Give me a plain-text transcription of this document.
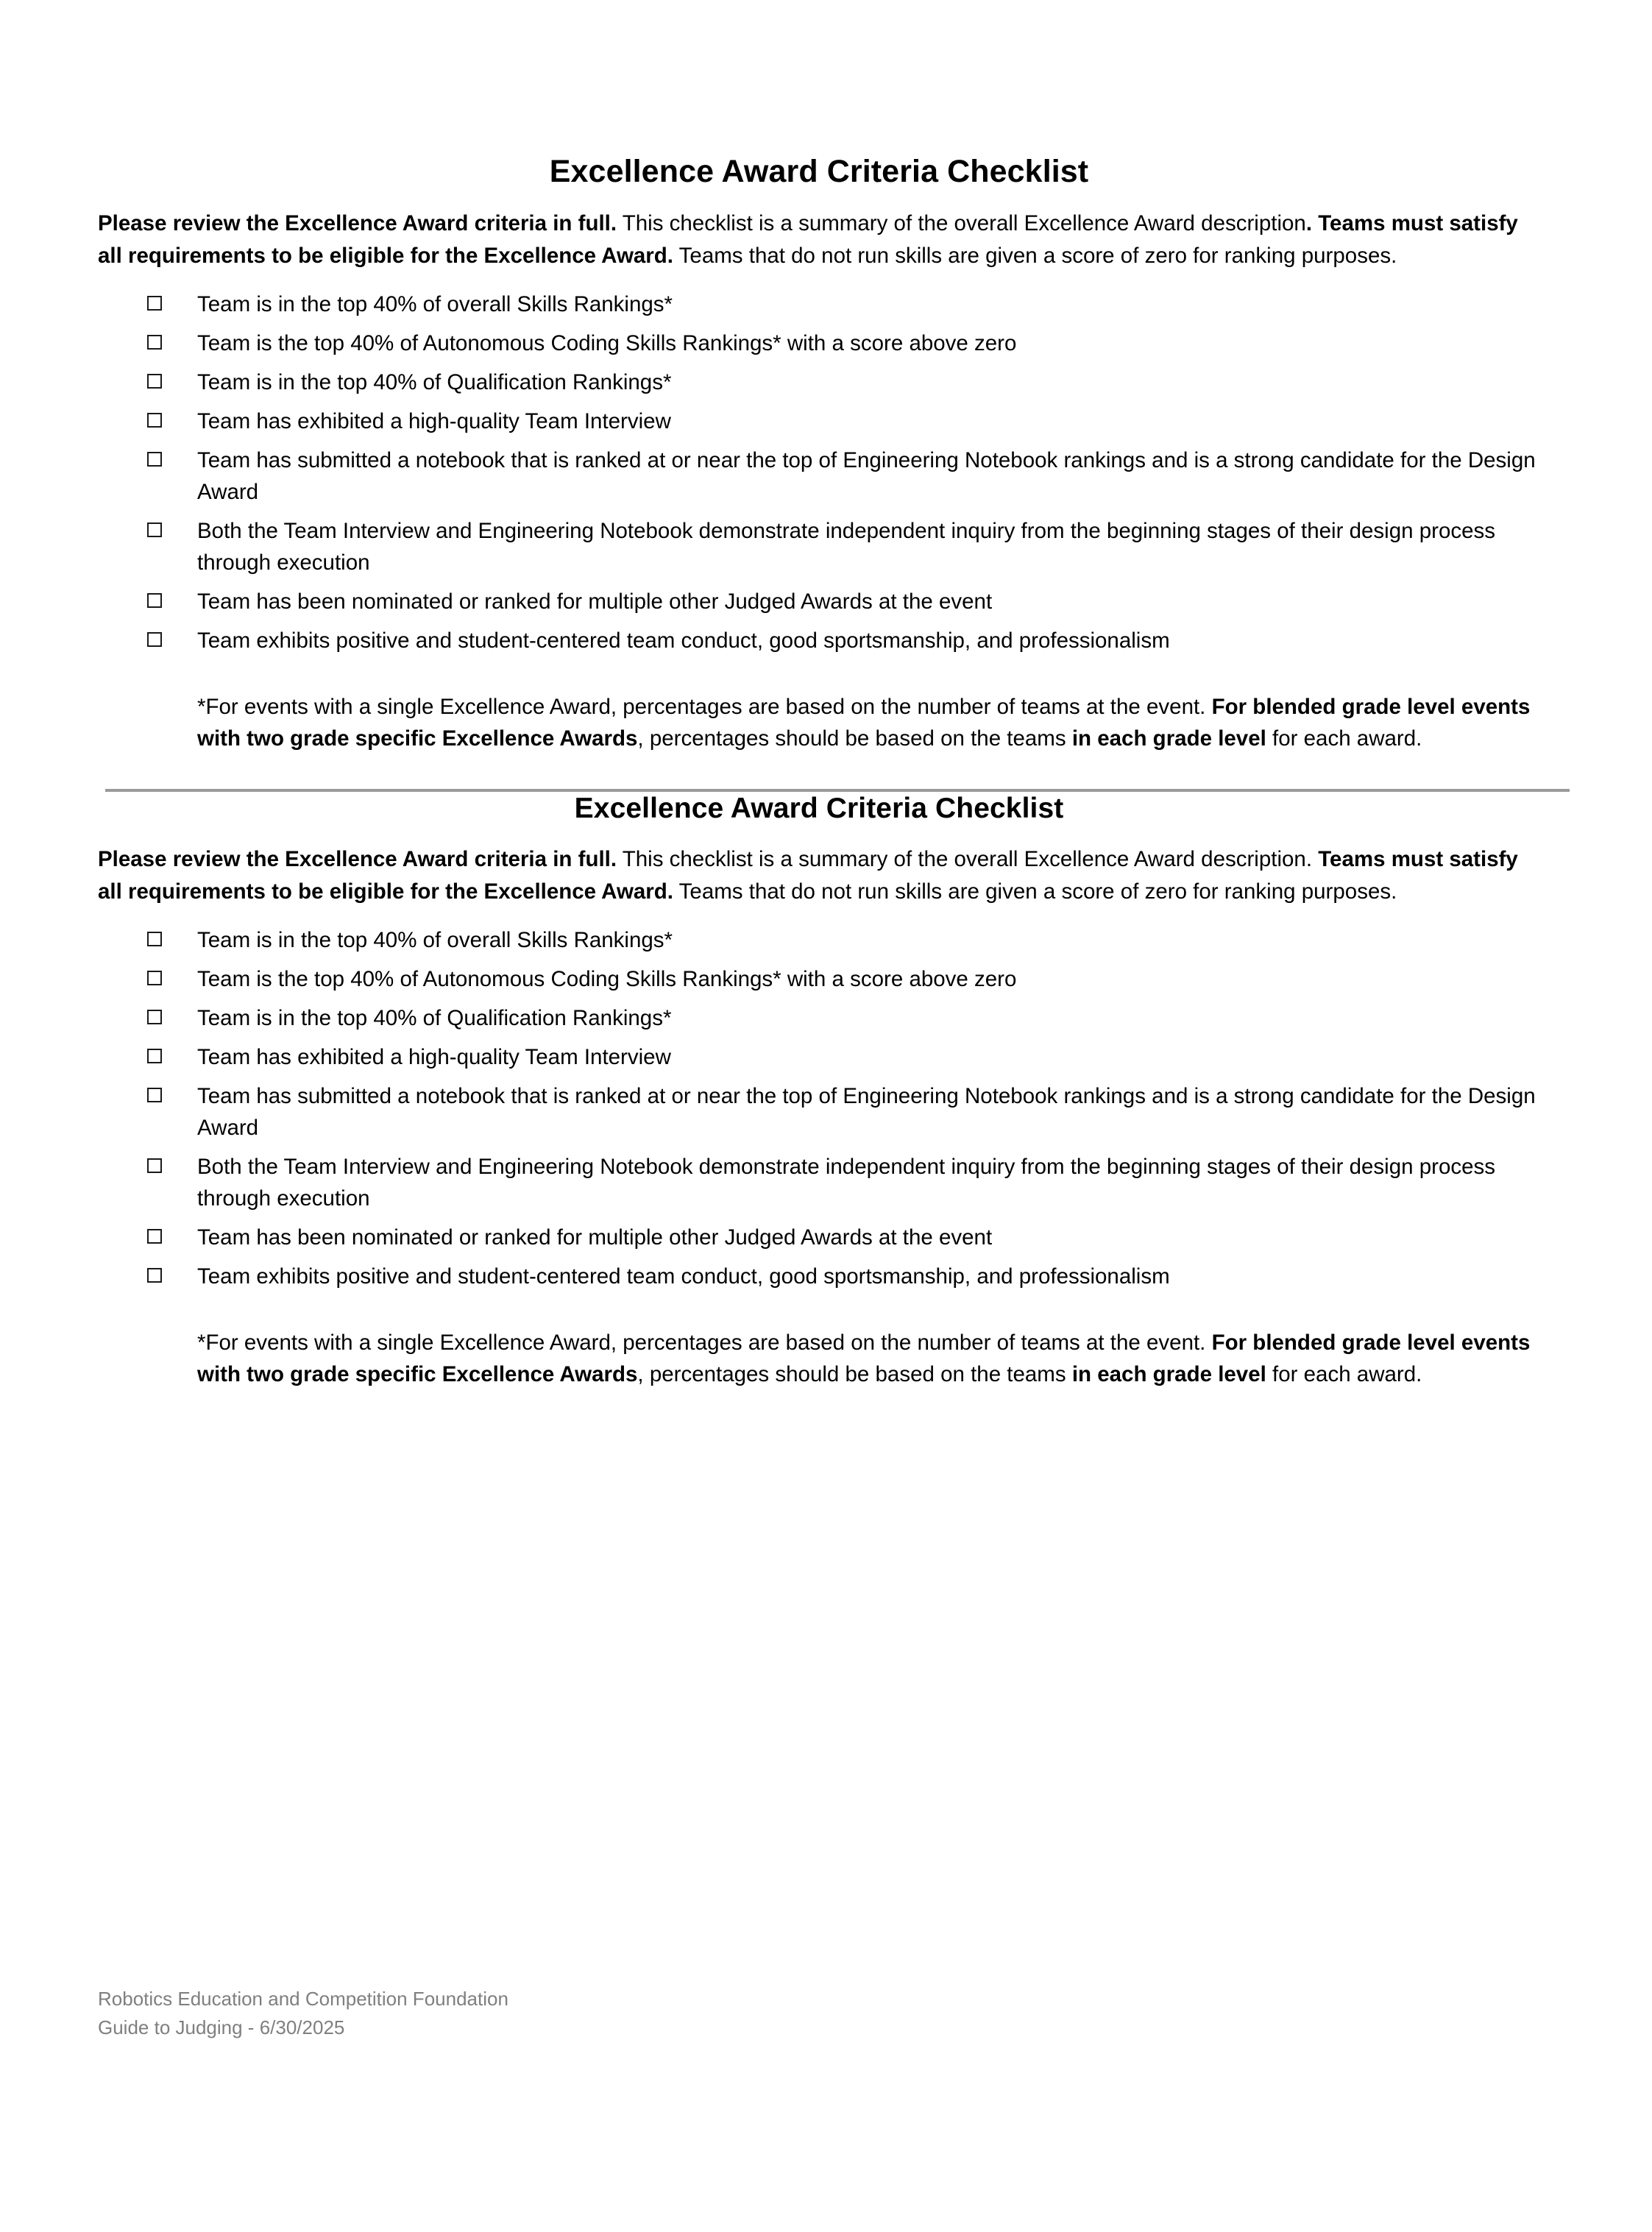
Excellence Award Criteria Checklist

Please review the Excellence Award criteria in full. This checklist is a summary of the overall Excellence Award description. Teams must satisfy all requirements to be eligible for the Excellence Award. Teams that do not run skills are given a score of zero for ranking purposes.

Team is in the top 40% of overall Skills Rankings*
Team is the top 40% of Autonomous Coding Skills Rankings* with a score above zero
Team is in the top 40% of Qualification Rankings*
Team has exhibited a high-quality Team Interview
Team has submitted a notebook that is ranked at or near the top of Engineering Notebook rankings and is a strong candidate for the Design Award
Both the Team Interview and Engineering Notebook demonstrate independent inquiry from the beginning stages of their design process through execution
Team has been nominated or ranked for multiple other Judged Awards at the event
Team exhibits positive and student-centered team conduct, good sportsmanship, and professionalism

*For events with a single Excellence Award, percentages are based on the number of teams at the event. For blended grade level events with two grade specific Excellence Awards, percentages should be based on the teams in each grade level for each award.

Excellence Award Criteria Checklist

Please review the Excellence Award criteria in full. This checklist is a summary of the overall Excellence Award description. Teams must satisfy all requirements to be eligible for the Excellence Award. Teams that do not run skills are given a score of zero for ranking purposes.

Team is in the top 40% of overall Skills Rankings*
Team is the top 40% of Autonomous Coding Skills Rankings* with a score above zero
Team is in the top 40% of Qualification Rankings*
Team has exhibited a high-quality Team Interview
Team has submitted a notebook that is ranked at or near the top of Engineering Notebook rankings and is a strong candidate for the Design Award
Both the Team Interview and Engineering Notebook demonstrate independent inquiry from the beginning stages of their design process through execution
Team has been nominated or ranked for multiple other Judged Awards at the event
Team exhibits positive and student-centered team conduct, good sportsmanship, and professionalism

*For events with a single Excellence Award, percentages are based on the number of teams at the event. For blended grade level events with two grade specific Excellence Awards, percentages should be based on the teams in each grade level for each award.

Robotics Education and Competition Foundation
Guide to Judging - 6/30/2025
